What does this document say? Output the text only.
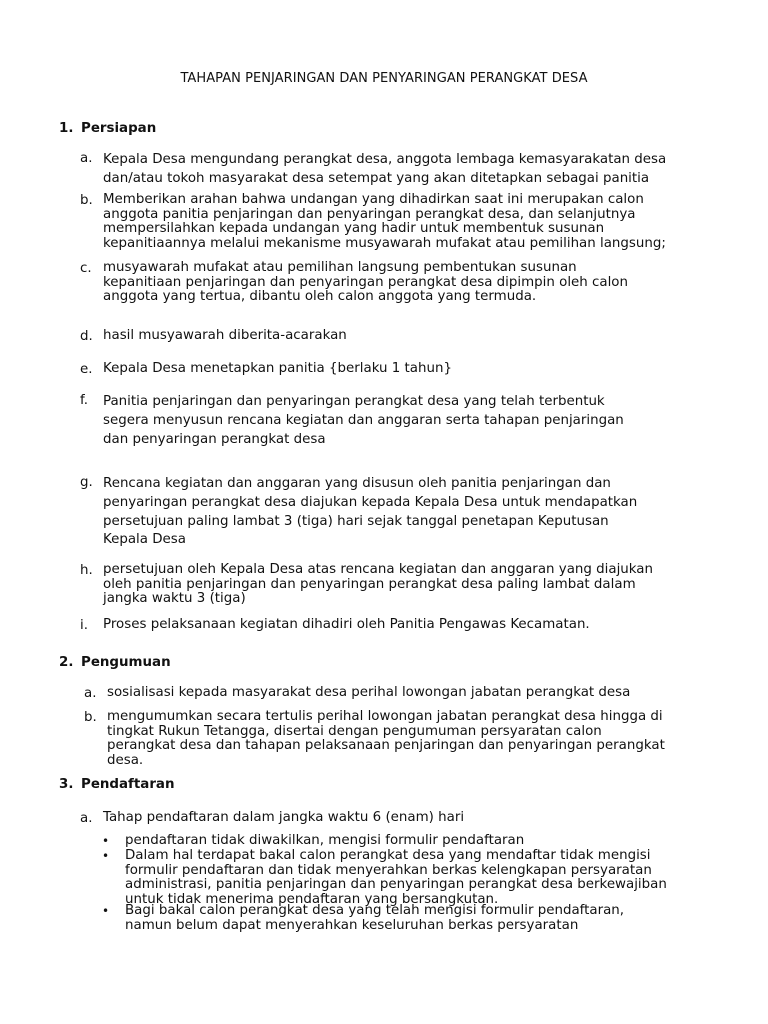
TAHAPAN PENJARINGAN DAN PENYARINGAN PERANGKAT DESA
1. Persiapan
a. Kepala Desa mengundang perangkat desa, anggota lembaga kemasyarakatan desa
dan/atau tokoh masyarakat desa setempat yang akan ditetapkan sebagai panitia
b. Memberikan arahan bahwa undangan yang dihadirkan saat ini merupakan calon
anggota panitia penjaringan dan penyaringan perangkat desa, dan selanjutnya
mempersilahkan kepada undangan yang hadir untuk membentuk susunan
kepanitiaannya melalui mekanisme musyawarah mufakat atau pemilihan langsung;
c. musyawarah mufakat atau pemilihan langsung pembentukan susunan
kepanitiaan penjaringan dan penyaringan perangkat desa dipimpin oleh calon
anggota yang tertua, dibantu oleh calon anggota yang termuda.
d. hasil musyawarah diberita-acarakan
e. Kepala Desa menetapkan panitia {berlaku 1 tahun}
f. Panitia penjaringan dan penyaringan perangkat desa yang telah terbentuk
segera menyusun rencana kegiatan dan anggaran serta tahapan penjaringan
dan penyaringan perangkat desa
g. Rencana kegiatan dan anggaran yang disusun oleh panitia penjaringan dan
penyaringan perangkat desa diajukan kepada Kepala Desa untuk mendapatkan
persetujuan paling lambat 3 (tiga) hari sejak tanggal penetapan Keputusan
Kepala Desa
h. persetujuan oleh Kepala Desa atas rencana kegiatan dan anggaran yang diajukan
oleh panitia penjaringan dan penyaringan perangkat desa paling lambat dalam
jangka waktu 3 (tiga)
i. Proses pelaksanaan kegiatan dihadiri oleh Panitia Pengawas Kecamatan.
2. Pengumuan
a. sosialisasi kepada masyarakat desa perihal lowongan jabatan perangkat desa
b. mengumumkan secara tertulis perihal lowongan jabatan perangkat desa hingga di
tingkat Rukun Tetangga, disertai dengan pengumuman persyaratan calon
perangkat desa dan tahapan pelaksanaan penjaringan dan penyaringan perangkat
desa.
3. Pendaftaran
a. Tahap pendaftaran dalam jangka waktu 6 (enam) hari
• pendaftaran tidak diwakilkan, mengisi formulir pendaftaran
• Dalam hal terdapat bakal calon perangkat desa yang mendaftar tidak mengisi
formulir pendaftaran dan tidak menyerahkan berkas kelengkapan persyaratan
administrasi, panitia penjaringan dan penyaringan perangkat desa berkewajiban
untuk tidak menerima pendaftaran yang bersangkutan.
• Bagi bakal calon perangkat desa yang telah mengisi formulir pendaftaran,
namun belum dapat menyerahkan keseluruhan berkas persyaratan
